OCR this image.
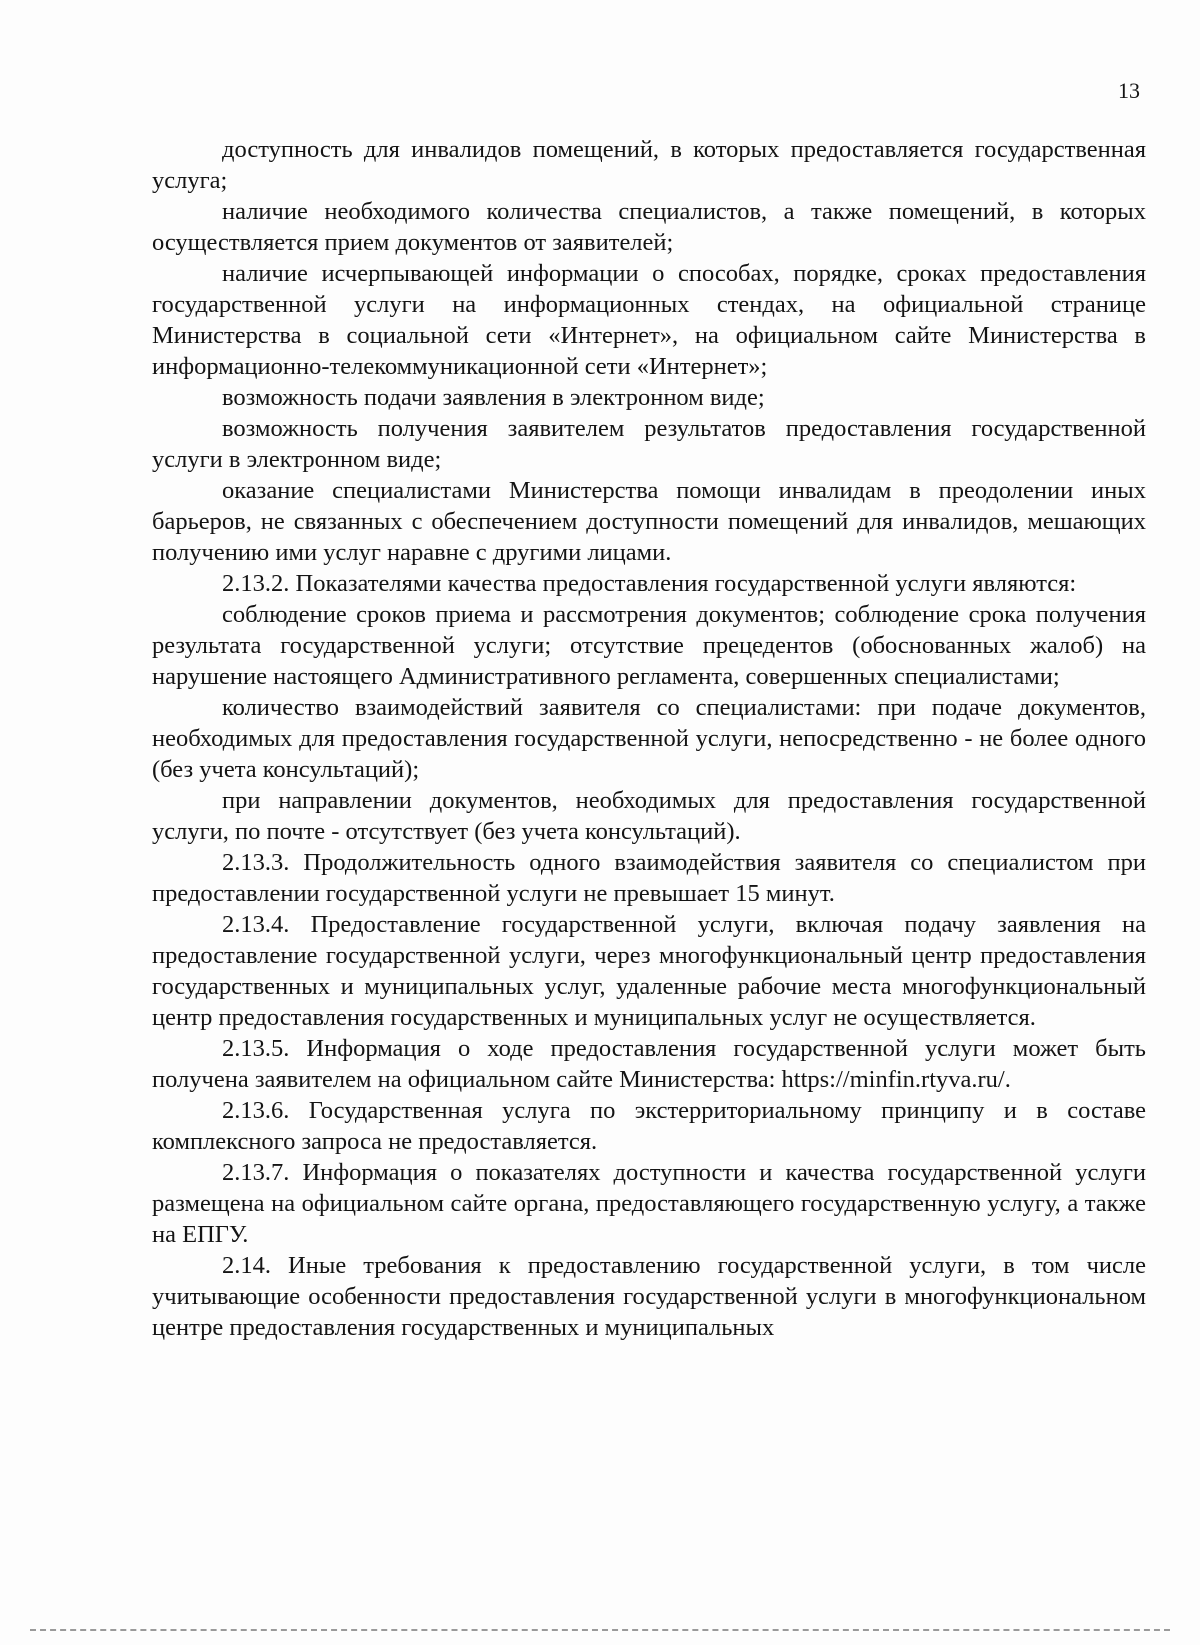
13

доступность для инвалидов помещений, в которых предоставляется государственная услуга;

наличие необходимого количества специалистов, а также помещений, в которых осуществляется прием документов от заявителей;

наличие исчерпывающей информации о способах, порядке, сроках предоставления государственной услуги на информационных стендах, на официальной странице Министерства в социальной сети «Интернет», на официальном сайте Министерства в информационно-телекоммуникационной сети «Интернет»;

возможность подачи заявления в электронном виде;

возможность получения заявителем результатов предоставления государственной услуги в электронном виде;

оказание специалистами Министерства помощи инвалидам в преодолении иных барьеров, не связанных с обеспечением доступности помещений для инвалидов, мешающих получению ими услуг наравне с другими лицами.

2.13.2. Показателями качества предоставления государственной услуги являются:

соблюдение сроков приема и рассмотрения документов; соблюдение срока получения результата государственной услуги; отсутствие прецедентов (обоснованных жалоб) на нарушение настоящего Административного регламента, совершенных специалистами;

количество взаимодействий заявителя со специалистами: при подаче документов, необходимых для предоставления государственной услуги, непосредственно - не более одного (без учета консультаций);

при направлении документов, необходимых для предоставления государственной услуги, по почте - отсутствует (без учета консультаций).

2.13.3. Продолжительность одного взаимодействия заявителя со специалистом при предоставлении государственной услуги не превышает 15 минут.

2.13.4. Предоставление государственной услуги, включая подачу заявления на предоставление государственной услуги, через многофункциональный центр предоставления государственных и муниципальных услуг, удаленные рабочие места многофункциональный центр предоставления государственных и муниципальных услуг не осуществляется.

2.13.5. Информация о ходе предоставления государственной услуги может быть получена заявителем на официальном сайте Министерства: https://minfin.rtyva.ru/.

2.13.6. Государственная услуга по экстерриториальному принципу и в составе комплексного запроса не предоставляется.

2.13.7. Информация о показателях доступности и качества государственной услуги размещена на официальном сайте органа, предоставляющего государственную услугу, а также на ЕПГУ.

2.14. Иные требования к предоставлению государственной услуги, в том числе учитывающие особенности предоставления государственной услуги в многофункциональном центре предоставления государственных и муниципальных
